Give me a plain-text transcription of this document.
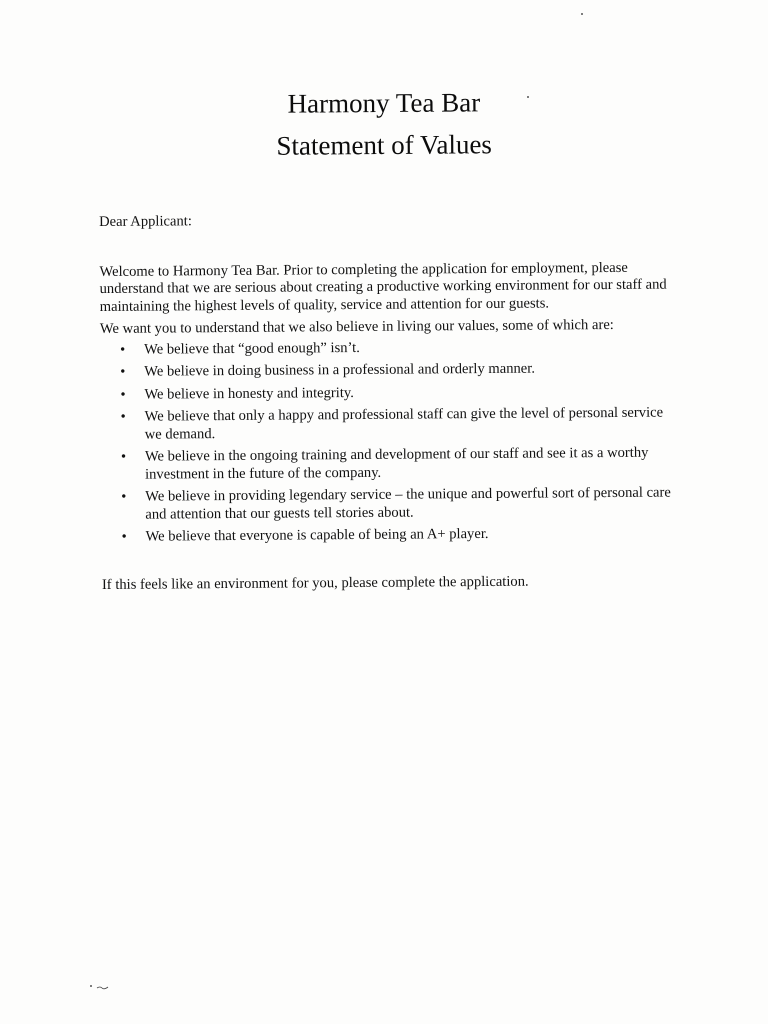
Harmony Tea Bar
Statement of Values

Dear Applicant:

Welcome to Harmony Tea Bar. Prior to completing the application for employment, please understand that we are serious about creating a productive working environment for our staff and maintaining the highest levels of quality, service and attention for our guests.

We want you to understand that we also believe in living our values, some of which are:

• We believe that “good enough” isn’t.
• We believe in doing business in a professional and orderly manner.
• We believe in honesty and integrity.
• We believe that only a happy and professional staff can give the level of personal service we demand.
• We believe in the ongoing training and development of our staff and see it as a worthy investment in the future of the company.
• We believe in providing legendary service – the unique and powerful sort of personal care and attention that our guests tell stories about.
• We believe that everyone is capable of being an A+ player.

If this feels like an environment for you, please complete the application.
